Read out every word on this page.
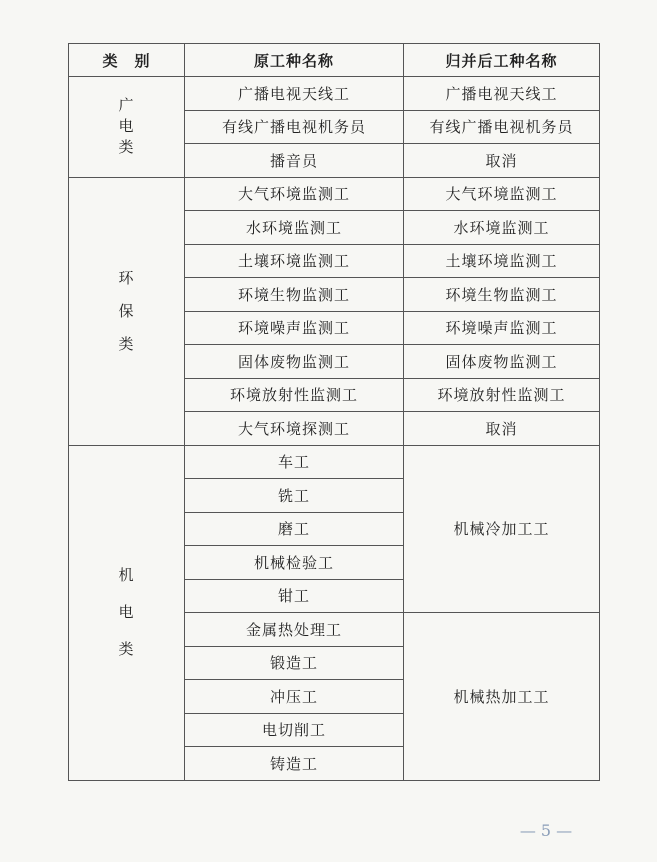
类　别	原工种名称	归并后工种名称

广
电
类	广播电视天线工	广播电视天线工
	有线广播电视机务员	有线广播电视机务员
	播音员	取消

环
保
类	大气环境监测工	大气环境监测工
	水环境监测工	水环境监测工
	土壤环境监测工	土壤环境监测工
	环境生物监测工	环境生物监测工
	环境噪声监测工	环境噪声监测工
	固体废物监测工	固体废物监测工
	环境放射性监测工	环境放射性监测工
	大气环境探测工	取消

机
电
类	车工	机械冷加工工
	铣工	
	磨工	
	机械检验工	
	钳工	
	金属热处理工	机械热加工工
	锻造工	
	冲压工	
	电切削工	
	铸造工	
— 5 —
